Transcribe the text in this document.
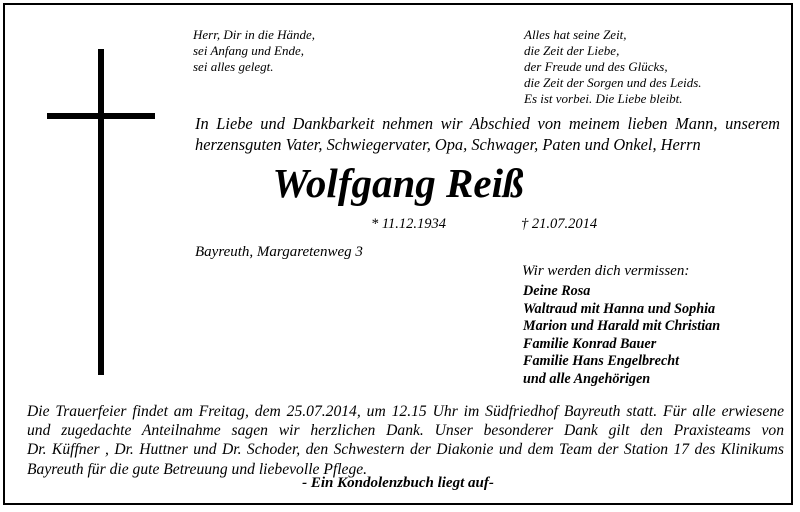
Herr, Dir in die Hände,
sei Anfang und Ende,
sei alles gelegt.
Alles hat seine Zeit,
die Zeit der Liebe,
der Freude und des Glücks,
die Zeit der Sorgen und des Leids.
Es ist vorbei. Die Liebe bleibt.
In Liebe und Dankbarkeit nehmen wir Abschied von meinem lieben Mann, unserem
herzensguten Vater, Schwiegervater, Opa, Schwager, Paten und Onkel, Herrn
Wolfgang Reiß
* 11.12.1934	† 21.07.2014
Bayreuth, Margaretenweg 3
Wir werden dich vermissen:
Deine Rosa
Waltraud mit Hanna und Sophia
Marion und Harald mit Christian
Familie Konrad Bauer
Familie Hans Engelbrecht
und alle Angehörigen
Die Trauerfeier findet am Freitag, dem 25.07.2014, um 12.15 Uhr im Südfriedhof Bayreuth statt. Für alle erwiesene
und zugedachte Anteilnahme sagen wir herzlichen Dank. Unser besonderer Dank gilt den Praxisteams von
Dr. Küffner , Dr. Huttner und Dr. Schoder, den Schwestern der Diakonie und dem Team der Station 17 des Klinikums
Bayreuth für die gute Betreuung und liebevolle Pflege.
- Ein Kondolenzbuch liegt auf-
